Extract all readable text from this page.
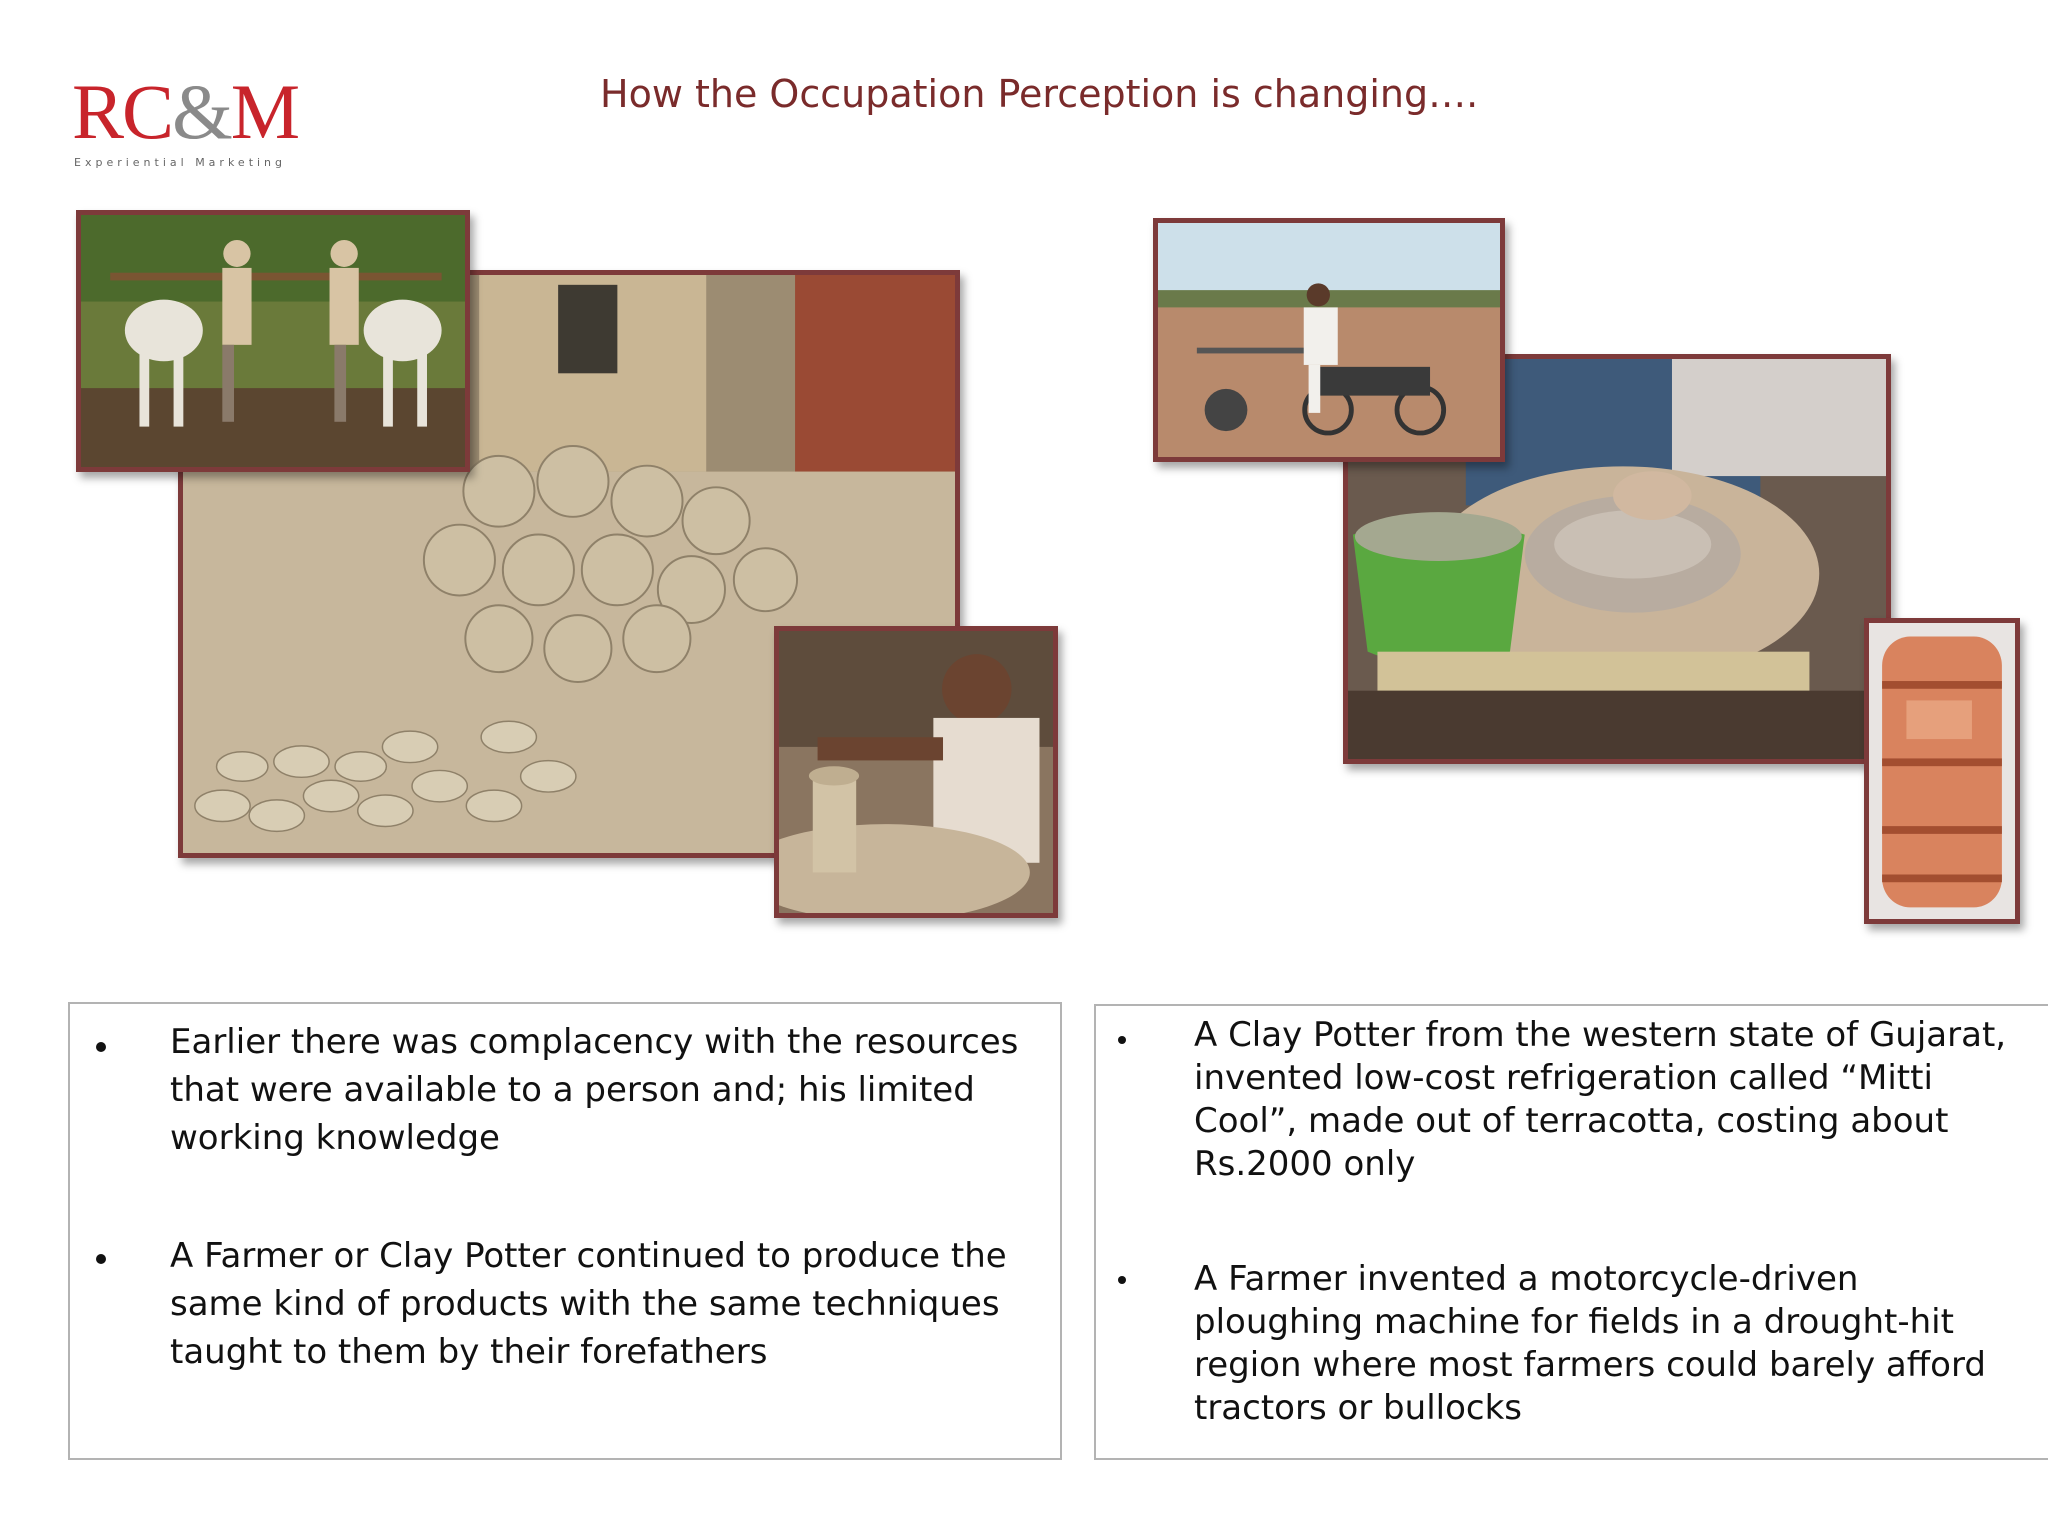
RC&M
Experiential Marketing
How the Occupation Perception is changing….
Earlier there was complacency with the resources that were available to a person and; his limited working knowledge
A Farmer or Clay Potter continued to produce the same kind of products with the same techniques taught to them by their forefathers
A Clay Potter from the western state of Gujarat, invented low-cost refrigeration called “Mitti Cool”, made out of terracotta, costing about Rs.2000 only
A Farmer invented a motorcycle-driven ploughing machine for fields in a drought-hit region where most farmers could barely afford tractors or bullocks
